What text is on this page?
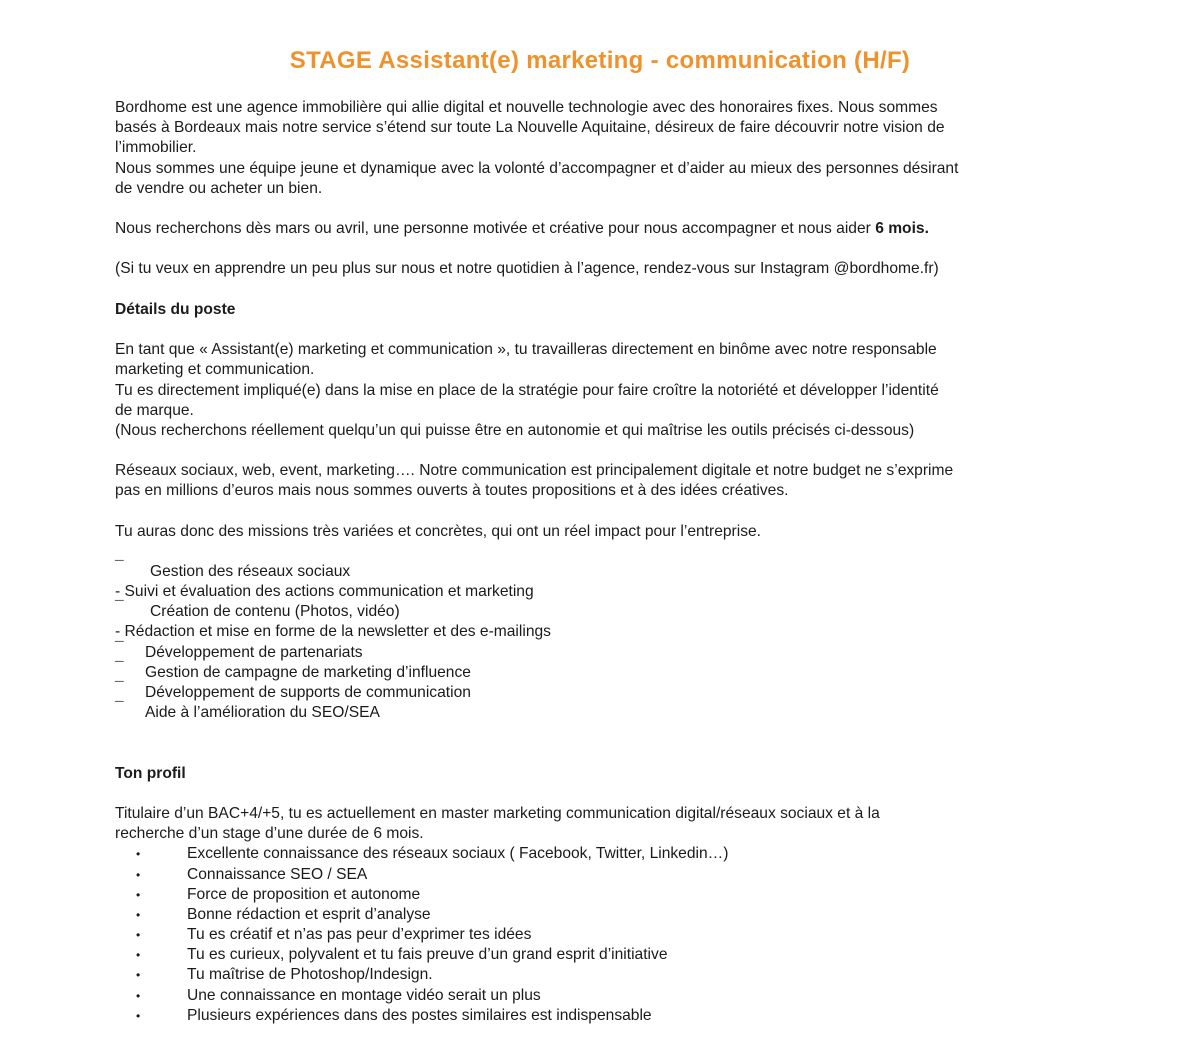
STAGE Assistant(e) marketing - communication (H/F)
Bordhome est une agence immobilière qui allie digital et nouvelle technologie avec des honoraires fixes. Nous sommes
basés à Bordeaux mais notre service s’étend sur toute La Nouvelle Aquitaine, désireux de faire découvrir notre vision de
l’immobilier.
Nous sommes une équipe jeune et dynamique avec la volonté d’accompagner et d’aider au mieux des personnes désirant
de vendre ou acheter un bien.
Nous recherchons dès mars ou avril, une personne motivée et créative pour nous accompagner et nous aider 6 mois.
(Si tu veux en apprendre un peu plus sur nous et notre quotidien à l’agence, rendez-vous sur Instagram @bordhome.fr)
Détails du poste
En tant que « Assistant(e) marketing et communication », tu travailleras directement en binôme avec notre responsable
marketing et communication.
Tu es directement impliqué(e) dans la mise en place de la stratégie pour faire croître la notoriété et développer l’identité
de marque.
(Nous recherchons réellement quelqu’un qui puisse être en autonomie et qui maîtrise les outils précisés ci-dessous)
Réseaux sociaux, web, event, marketing…. Notre communication est principalement digitale et notre budget ne s’exprime
pas en millions d’euros mais nous sommes ouverts à toutes propositions et à des idées créatives.
Tu auras donc des missions très variées et concrètes, qui ont un réel impact pour l’entreprise.
¯ Gestion des réseaux sociaux
- Suivi et évaluation des actions communication et marketing
¯ Création de contenu (Photos, vidéo)
- Rédaction et mise en forme de la newsletter et des e-mailings
¯ Développement de partenariats
¯ Gestion de campagne de marketing d’influence
¯ Développement de supports de communication
¯ Aide à l’amélioration du SEO/SEA
Ton profil
Titulaire d’un BAC+4/+5, tu es actuellement en master marketing communication digital/réseaux sociaux et à la
recherche d’un stage d’une durée de 6 mois.
•	Excellente connaissance des réseaux sociaux ( Facebook, Twitter, Linkedin…)
•	Connaissance SEO / SEA
•	Force de proposition et autonome
•	Bonne rédaction et esprit d’analyse
•	Tu es créatif et n’as pas peur d’exprimer tes idées
•	Tu es curieux, polyvalent et tu fais preuve d’un grand esprit d’initiative
•	Tu maîtrise de Photoshop/Indesign.
•	Une connaissance en montage vidéo serait un plus
•	Plusieurs expériences dans des postes similaires est indispensable
